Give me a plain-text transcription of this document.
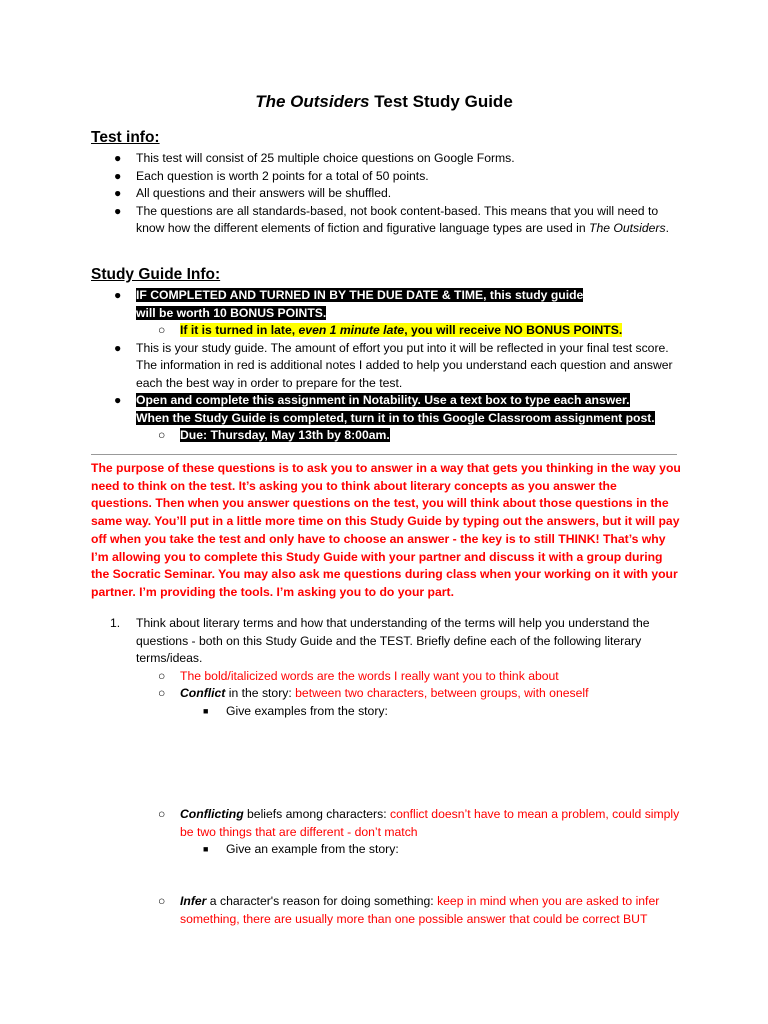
The Outsiders Test Study Guide
Test info:
● This test will consist of 25 multiple choice questions on Google Forms.
● Each question is worth 2 points for a total of 50 points.
● All questions and their answers will be shuffled.
● The questions are all standards-based, not book content-based. This means that you will need to know how the different elements of fiction and figurative language types are used in The Outsiders.
Study Guide Info:
● IF COMPLETED AND TURNED IN BY THE DUE DATE & TIME, this study guide
will be worth 10 BONUS POINTS.
○ If it is turned in late, even 1 minute late, you will receive NO BONUS POINTS.
● This is your study guide. The amount of effort you put into it will be reflected in your final test score. The information in red is additional notes I added to help you understand each question and answer each the best way in order to prepare for the test.
● Open and complete this assignment in Notability. Use a text box to type each answer.
When the Study Guide is completed, turn it in to this Google Classroom assignment post.
○ Due: Thursday, May 13th by 8:00am.
The purpose of these questions is to ask you to answer in a way that gets you thinking in the way you need to think on the test. It’s asking you to think about literary concepts as you answer the questions. Then when you answer questions on the test, you will think about those questions in the same way. You’ll put in a little more time on this Study Guide by typing out the answers, but it will pay off when you take the test and only have to choose an answer - the key is to still THINK! That’s why I’m allowing you to complete this Study Guide with your partner and discuss it with a group during the Socratic Seminar. You may also ask me questions during class when your working on it with your partner. I’m providing the tools. I’m asking you to do your part.
1. Think about literary terms and how that understanding of the terms will help you understand the questions - both on this Study Guide and the TEST. Briefly define each of the following literary terms/ideas.
○ The bold/italicized words are the words I really want you to think about
○ Conflict in the story: between two characters, between groups, with oneself
■ Give examples from the story:
○ Conflicting beliefs among characters: conflict doesn’t have to mean a problem, could simply be two things that are different - don’t match
■ Give an example from the story:
○ Infer a character's reason for doing something: keep in mind when you are asked to infer something, there are usually more than one possible answer that could be correct BUT
